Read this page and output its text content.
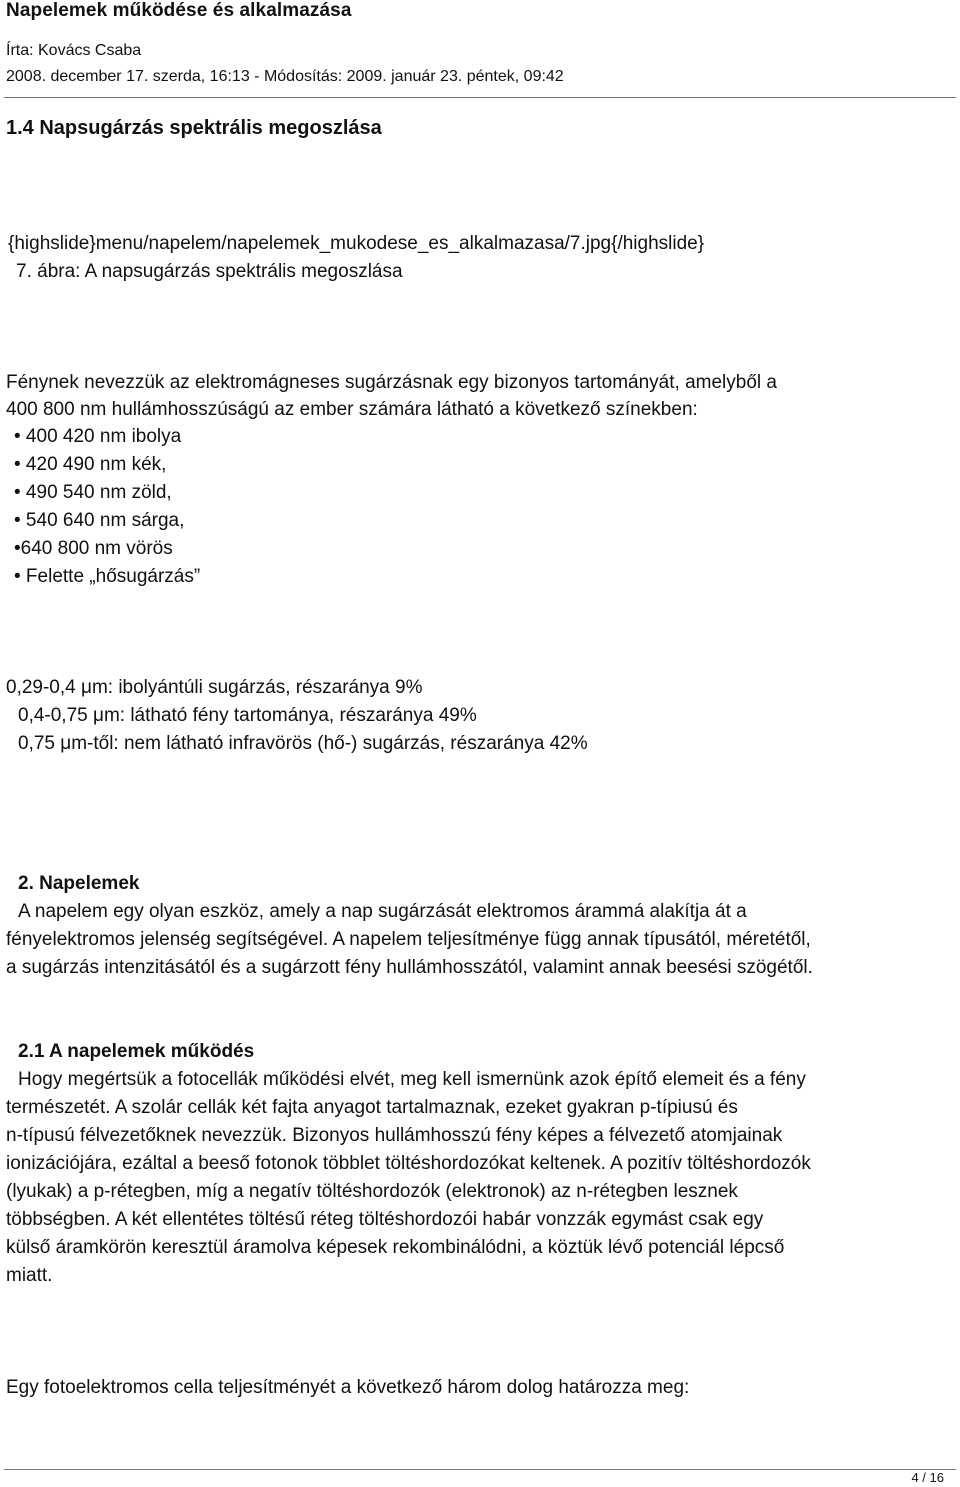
Napelemek működése és alkalmazása
Írta: Kovács Csaba
2008. december 17. szerda, 16:13 - Módosítás: 2009. január 23. péntek, 09:42
1.4 Napsugárzás spektrális megoszlása
{highslide}menu/napelem/napelemek_mukodese_es_alkalmazasa/7.jpg{/highslide}
7. ábra: A napsugárzás spektrális megoszlása
Fénynek nevezzük az elektromágneses sugárzásnak egy bizonyos tartományát, amelyből a
400 800 nm hullámhosszúságú az ember számára látható a következő színekben:
• 400 420 nm ibolya
• 420 490 nm kék,
• 490 540 nm zöld,
• 540 640 nm sárga,
•640 800 nm vörös
• Felette „hősugárzás”
0,29-0,4 μm: ibolyántúli sugárzás, részaránya 9%
0,4-0,75 μm: látható fény tartománya, részaránya 49%
0,75 μm-től: nem látható infravörös (hő-) sugárzás, részaránya 42%
2. Napelemek
A napelem egy olyan eszköz, amely a nap sugárzását elektromos árammá alakítja át a
fényelektromos jelenség segítségével. A napelem teljesítménye függ annak típusától, méretétől,
a sugárzás intenzitásától és a sugárzott fény hullámhosszától, valamint annak beesési szögétől.
2.1 A napelemek működés
Hogy megértsük a fotocellák működési elvét, meg kell ismernünk azok építő elemeit és a fény
természetét. A szolár cellák két fajta anyagot tartalmaznak, ezeket gyakran p-típiusú és
n-típusú félvezetőknek nevezzük. Bizonyos hullámhosszú fény képes a félvezető atomjainak
ionizációjára, ezáltal a beeső fotonok többlet töltéshordozókat keltenek. A pozitív töltéshordozók
(lyukak) a p-rétegben, míg a negatív töltéshordozók (elektronok) az n-rétegben lesznek
többségben. A két ellentétes töltésű réteg töltéshordozói habár vonzzák egymást csak egy
külső áramkörön keresztül áramolva képesek rekombinálódni, a köztük lévő potenciál lépcső
miatt.
Egy fotoelektromos cella teljesítményét a következő három dolog határozza meg:
4 / 16
